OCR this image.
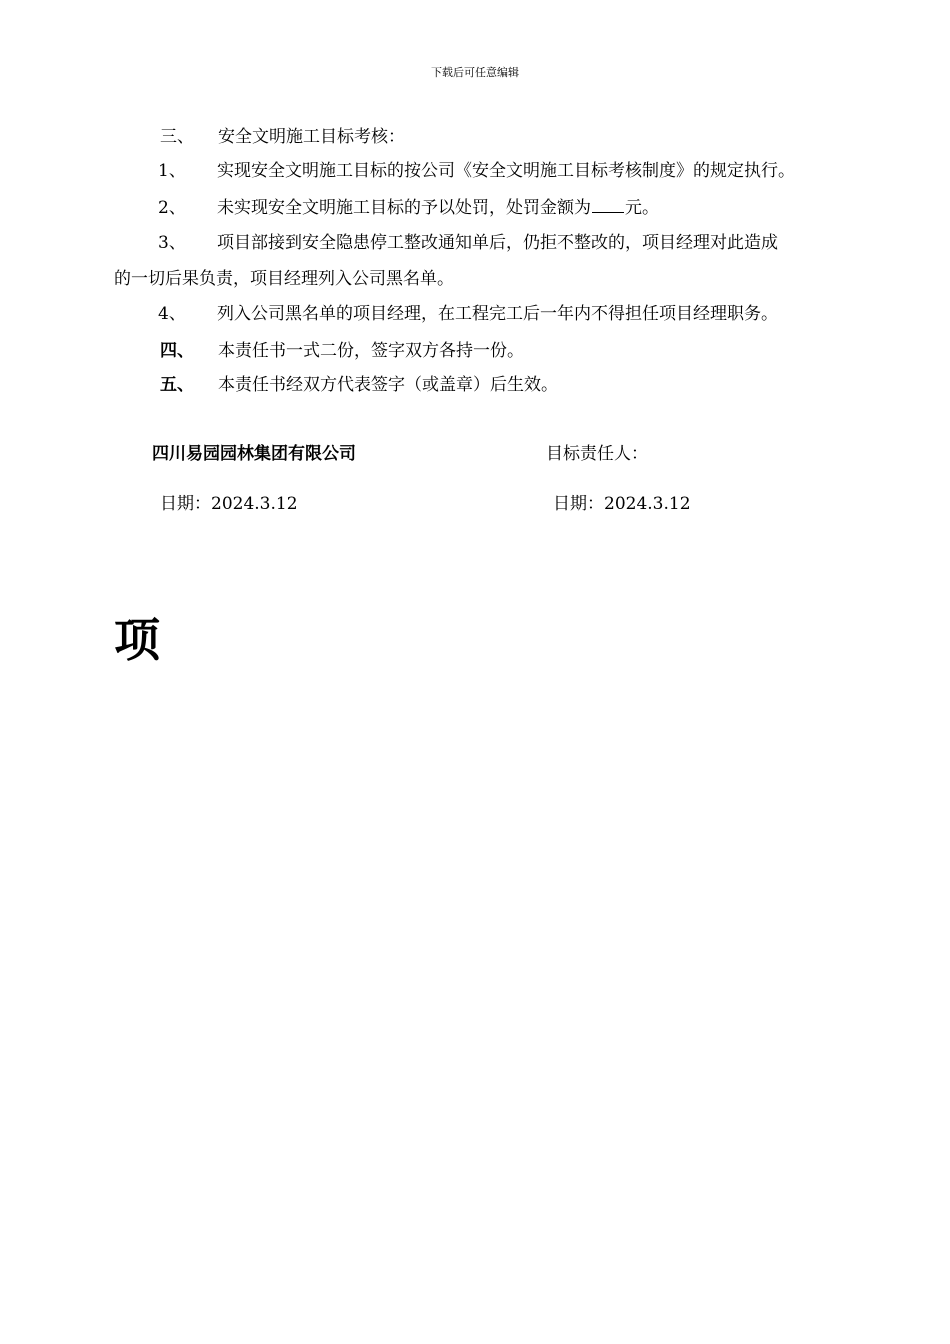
下载后可任意编辑
三、 安全文明施工目标考核：
1、 实现安全文明施工目标的按公司《安全文明施工目标考核制度》的规定执行。
2、 未实现安全文明施工目标的予以处罚，处罚金额为 元。
3、 项目部接到安全隐患停工整改通知单后，仍拒不整改的，项目经理对此造成
的一切后果负责，项目经理列入公司黑名单。
4、 列入公司黑名单的项目经理，在工程完工后一年内不得担任项目经理职务。
四、 本责任书一式二份，签字双方各持一份。
五、 本责任书经双方代表签字（或盖章）后生效。
四川易园园林集团有限公司	目标责任人：
日期：2024.3.12	日期：2024.3.12
项
